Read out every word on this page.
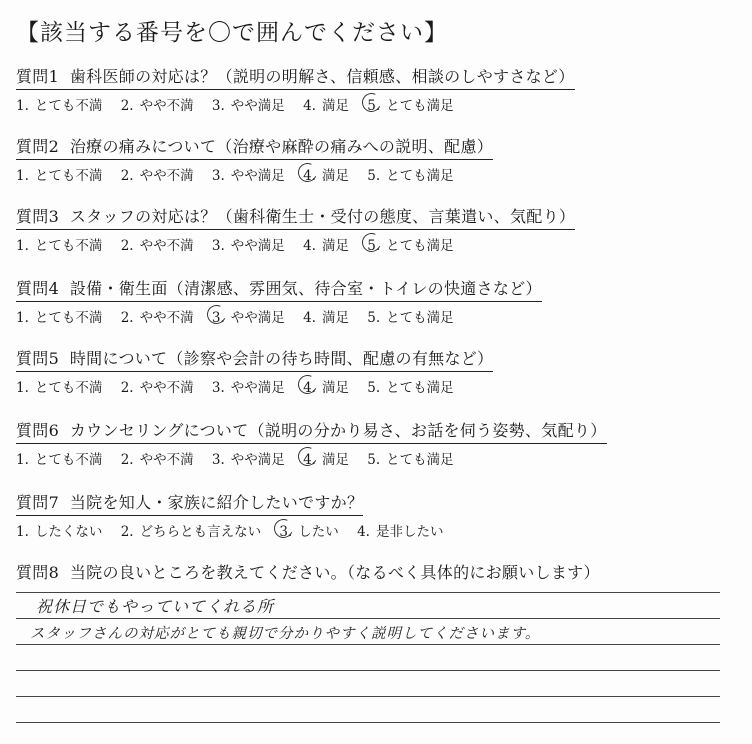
【該当する番号を〇で囲んでください】
質問1 歯科医師の対応は？（説明の明解さ、信頼感、相談のしやすさなど）
1. とても不満 2. やや不満 3. やや満足 4. 満足 5. とても満足
質問2 治療の痛みについて（治療や麻酔の痛みへの説明、配慮）
1. とても不満 2. やや不満 3. やや満足 4. 満足 5. とても満足
質問3 スタッフの対応は？（歯科衛生士・受付の態度、言葉遣い、気配り）
1. とても不満 2. やや不満 3. やや満足 4. 満足 5. とても満足
質問4 設備・衛生面（清潔感、雰囲気、待合室・トイレの快適さなど）
1. とても不満 2. やや不満 3. やや満足 4. 満足 5. とても満足
質問5 時間について（診察や会計の待ち時間、配慮の有無など）
1. とても不満 2. やや不満 3. やや満足 4. 満足 5. とても満足
質問6 カウンセリングについて（説明の分かり易さ、お話を伺う姿勢、気配り）
1. とても不満 2. やや不満 3. やや満足 4. 満足 5. とても満足
質問7 当院を知人・家族に紹介したいですか？
1. したくない 2. どちらとも言えない 3. したい 4. 是非したい
質問8 当院の良いところを教えてください。（なるべく具体的にお願いします）
祝休日でもやっていてくれる所
スタッフさんの対応がとても親切で分かりやすく説明してくださいます。
